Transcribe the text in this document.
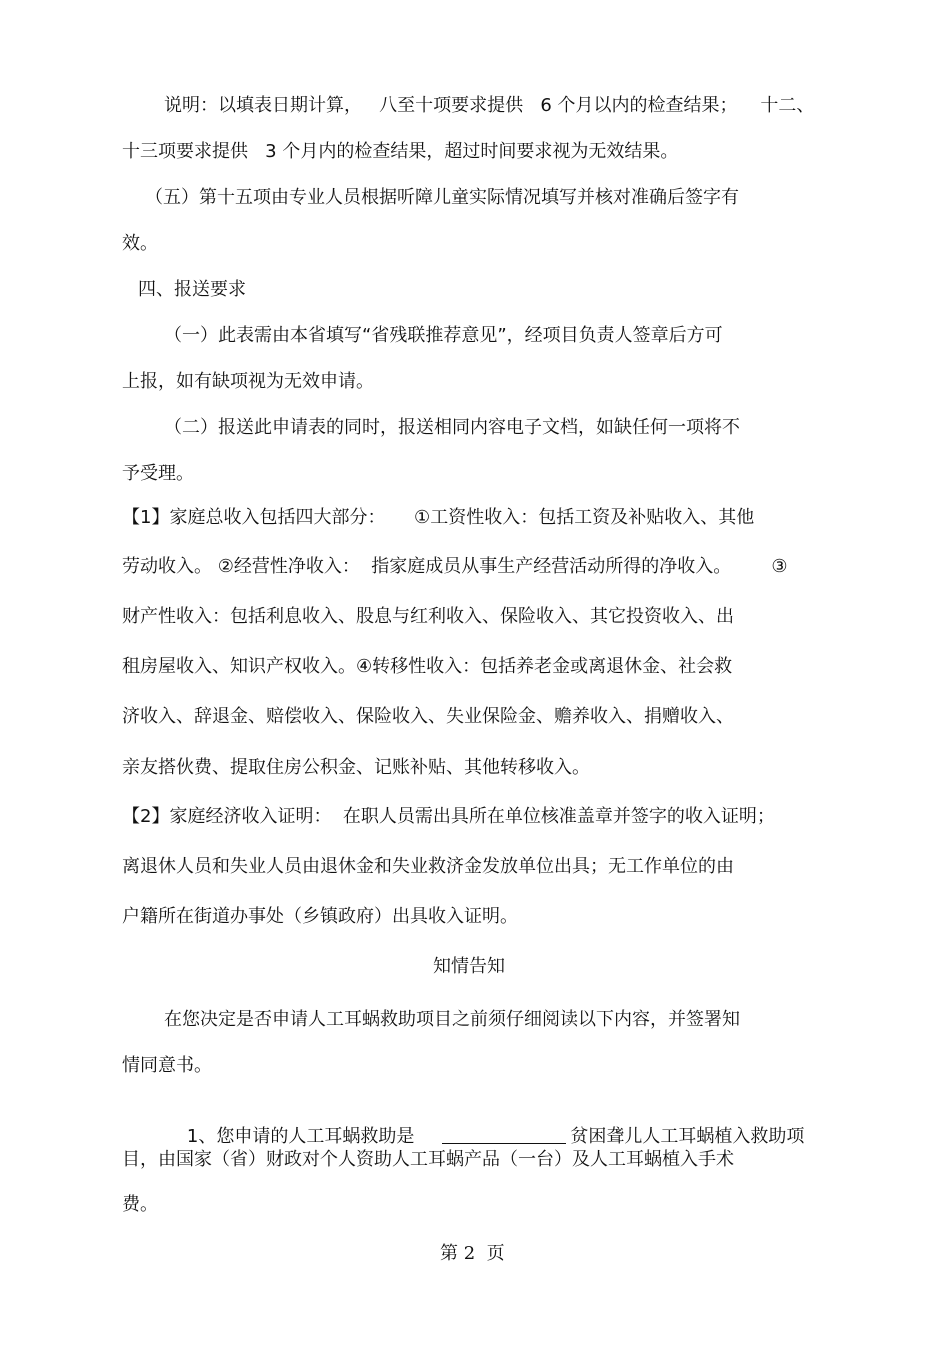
说明：以填表日期计算，   八至十项要求提供   6 个月以内的检查结果；    十二、
十三项要求提供   3 个月内的检查结果，超过时间要求视为无效结果。
（五）第十五项由专业人员根据听障儿童实际情况填写并核对准确后签字有
效。
四、报送要求
（一）此表需由本省填写“省残联推荐意见”，经项目负责人签章后方可
上报，如有缺项视为无效申请。
（二）报送此申请表的同时，报送相同内容电子文档，如缺任何一项将不
予受理。
【1】家庭总收入包括四大部分：     ①工资性收入：包括工资及补贴收入、其他
劳动收入。 ②经营性净收入：  指家庭成员从事生产经营活动所得的净收入。       ③
财产性收入：包括利息收入、股息与红利收入、保险收入、其它投资收入、出
租房屋收入、知识产权收入。④转移性收入：包括养老金或离退休金、社会救
济收入、辞退金、赔偿收入、保险收入、失业保险金、赡养收入、捐赠收入、
亲友搭伙费、提取住房公积金、记账补贴、其他转移收入。
【2】家庭经济收入证明：  在职人员需出具所在单位核准盖章并签字的收入证明；
离退休人员和失业人员由退休金和失业救济金发放单位出具；无工作单位的由
户籍所在街道办事处（乡镇政府）出具收入证明。
知情告知
在您决定是否申请人工耳蜗救助项目之前须仔细阅读以下内容，并签署知
情同意书。

1、您申请的人工耳蜗救助是	贫困聋儿人工耳蜗植入救助项

目，由国家（省）财政对个人资助人工耳蜗产品（一台）及人工耳蜗植入手术
费。
第 2  页
